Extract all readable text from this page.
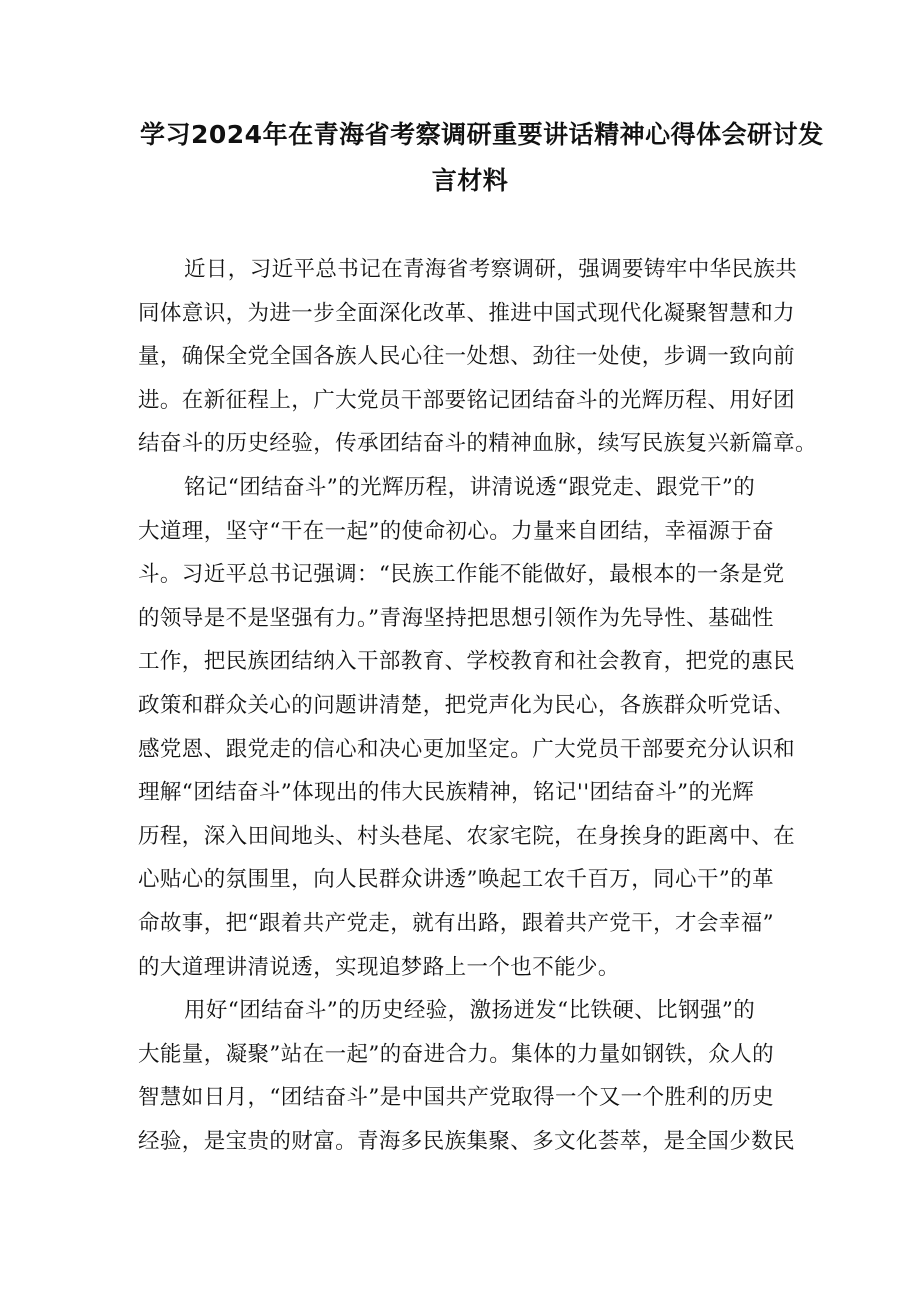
学习2024年在青海省考察调研重要讲话精神心得体会研讨发
言材料
近日，习近平总书记在青海省考察调研，强调要铸牢中华民族共
同体意识，为进一步全面深化改革、推进中国式现代化凝聚智慧和力
量，确保全党全国各族人民心往一处想、劲往一处使，步调一致向前
进。在新征程上，广大党员干部要铭记团结奋斗的光辉历程、用好团
结奋斗的历史经验，传承团结奋斗的精神血脉，续写民族复兴新篇章。
铭记“团结奋斗”的光辉历程，讲清说透“跟党走、跟党干”的
大道理，坚守“干在一起”的使命初心。力量来自团结，幸福源于奋
斗。习近平总书记强调：“民族工作能不能做好，最根本的一条是党
的领导是不是坚强有力。”青海坚持把思想引领作为先导性、基础性
工作，把民族团结纳入干部教育、学校教育和社会教育，把党的惠民
政策和群众关心的问题讲清楚，把党声化为民心，各族群众听党话、
感党恩、跟党走的信心和决心更加坚定。广大党员干部要充分认识和
理解“团结奋斗”体现出的伟大民族精神，铭记''团结奋斗”的光辉
历程，深入田间地头、村头巷尾、农家宅院，在身挨身的距离中、在
心贴心的氛围里，向人民群众讲透”唤起工农千百万，同心干”的革
命故事，把“跟着共产党走，就有出路，跟着共产党干，才会幸福”
的大道理讲清说透，实现追梦路上一个也不能少。
用好“团结奋斗”的历史经验，激扬迸发“比铁硬、比钢强”的
大能量，凝聚”站在一起”的奋进合力。集体的力量如钢铁，众人的
智慧如日月，“团结奋斗”是中国共产党取得一个又一个胜利的历史
经验，是宝贵的财富。青海多民族集聚、多文化荟萃，是全国少数民
